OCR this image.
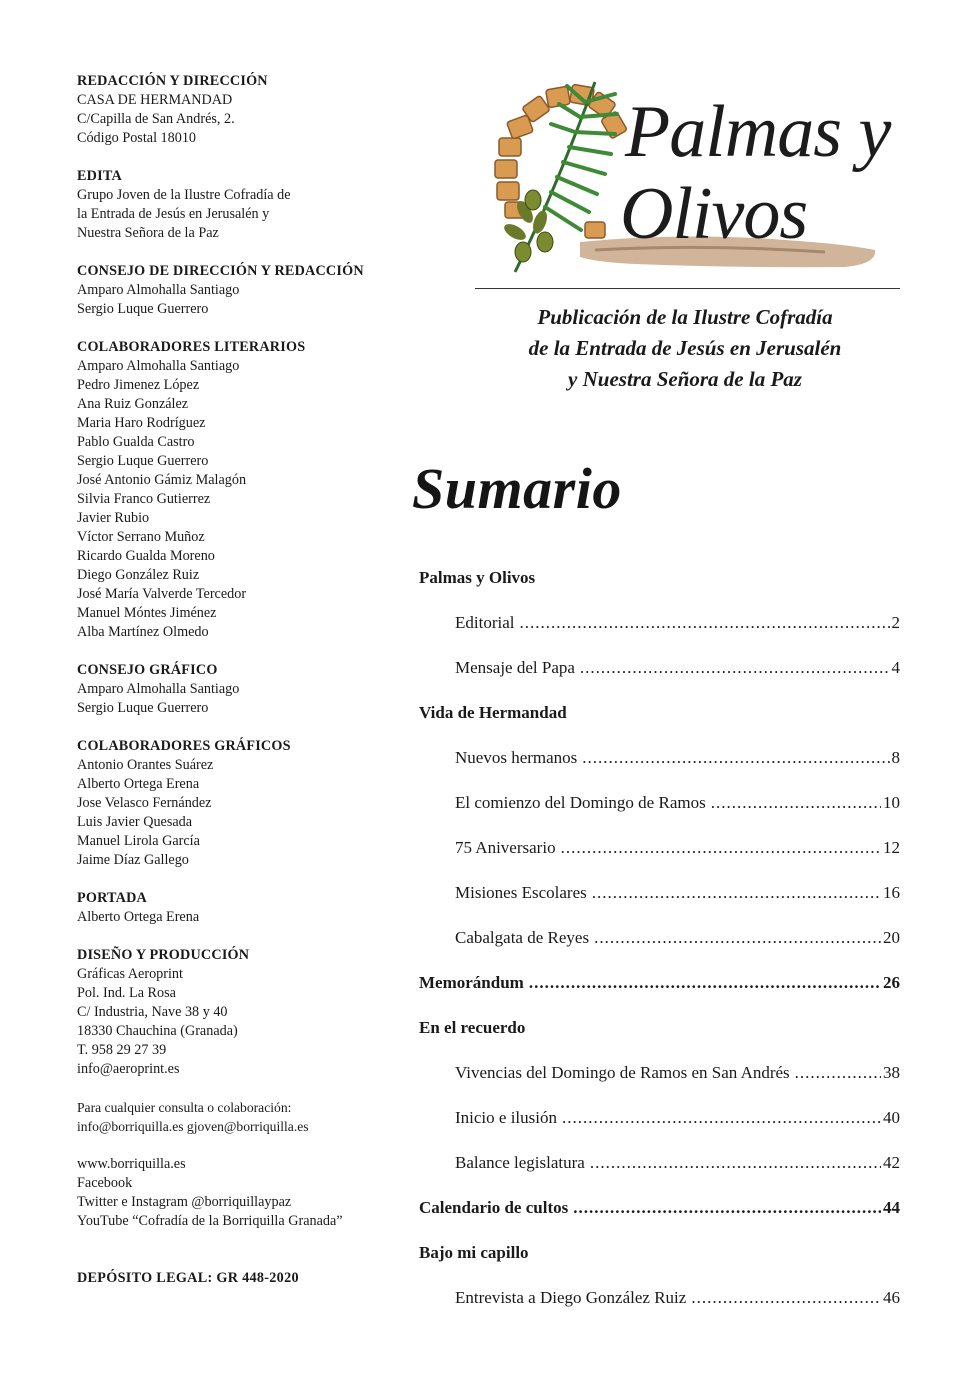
REDACCIÓN Y DIRECCIÓN
CASA DE HERMANDAD
C/Capilla de San Andrés, 2.
Código Postal 18010
EDITA
Grupo Joven de la Ilustre Cofradía de
la Entrada de Jesús en Jerusalén y
Nuestra Señora de la Paz
CONSEJO DE DIRECCIÓN Y REDACCIÓN
Amparo Almohalla Santiago
Sergio Luque Guerrero
COLABORADORES LITERARIOS
Amparo Almohalla Santiago
Pedro Jimenez López
Ana Ruiz González
Maria Haro Rodríguez
Pablo Gualda Castro
Sergio Luque Guerrero
José Antonio Gámiz Malagón
Silvia Franco Gutierrez
Javier Rubio
Víctor Serrano Muñoz
Ricardo Gualda Moreno
Diego González Ruiz
José María Valverde Tercedor
Manuel Móntes Jiménez
Alba Martínez Olmedo
CONSEJO GRÁFICO
Amparo Almohalla Santiago
Sergio Luque Guerrero
COLABORADORES GRÁFICOS
Antonio Orantes Suárez
Alberto Ortega Erena
Jose Velasco Fernández
Luis Javier Quesada
Manuel Lirola García
Jaime Díaz Gallego
PORTADA
Alberto Ortega Erena
DISEÑO Y PRODUCCIÓN
Gráficas Aeroprint
Pol. Ind. La Rosa
C/ Industria, Nave 38 y 40
18330 Chauchina (Granada)
T. 958 29 27 39
info@aeroprint.es
Para cualquier consulta o colaboración:
info@borriquilla.es gjoven@borriquilla.es
www.borriquilla.es
Facebook
Twitter e Instagram @borriquillaypaz
YouTube “Cofradía de la Borriquilla Granada”
DEPÓSITO LEGAL: GR 448-2020
Palmas y
Olivos
Publicación de la Ilustre Cofradía
de la Entrada de Jesús en Jerusalén
y Nuestra Señora de la Paz
Sumario
Palmas y Olivos
Editorial .....	2
Mensaje del Papa .....	4
Vida de Hermandad
Nuevos hermanos .....	8
El comienzo del Domingo de Ramos .....	10
75 Aniversario .....	12
Misiones Escolares .....	16
Cabalgata de Reyes .....	20
Memorándum .....	26
En el recuerdo
Vivencias del Domingo de Ramos en San Andrés .....	38
Inicio e ilusión .....	40
Balance legislatura .....	42
Calendario de cultos .....	44
Bajo mi capillo
Entrevista a Diego González Ruiz .....	46
